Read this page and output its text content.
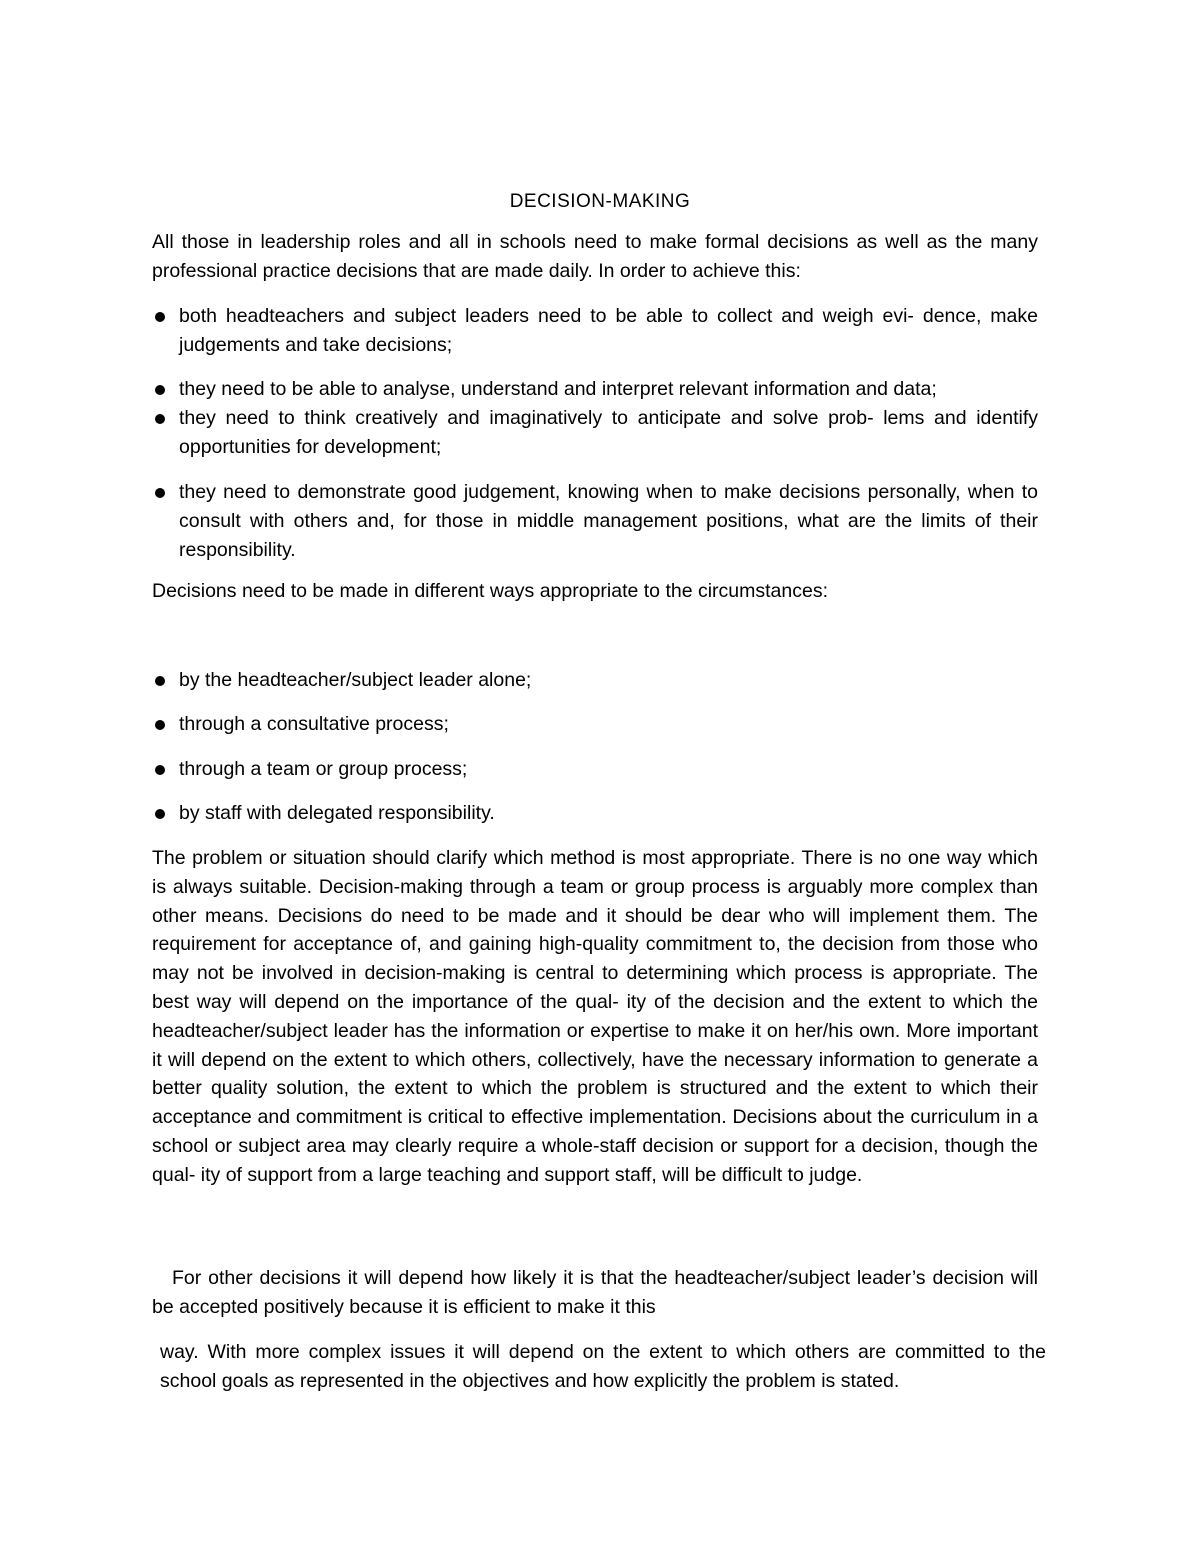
DECISION-MAKING
All those in leadership roles and all in schools need to make formal decisions as well as the many professional practice decisions that are made daily. In order to achieve this:
both headteachers and subject leaders need to be able to collect and weigh evi- dence, make judgements and take decisions;
they need to be able to analyse, understand and interpret relevant information and data;
they need to think creatively and imaginatively to anticipate and solve prob- lems and identify opportunities for development;
they need to demonstrate good judgement, knowing when to make decisions personally, when to consult with others and, for those in middle management positions, what are the limits of their responsibility.
Decisions need to be made in different ways appropriate to the circumstances:
by the headteacher/subject leader alone;
through a consultative process;
through a team or group process;
by staff with delegated responsibility.
The problem or situation should clarify which method is most appropriate. There is no one way which is always suitable. Decision-making through a team or group process is arguably more complex than other means. Decisions do need to be made and it should be dear who will implement them. The requirement for acceptance of, and gaining high-quality commitment to, the decision from those who may not be involved in decision-making is central to determining which process is appropriate. The best way will depend on the importance of the qual- ity of the decision and the extent to which the headteacher/subject leader has the information or expertise to make it on her/his own. More important it will depend on the extent to which others, collectively, have the necessary information to generate a better quality solution, the extent to which the problem is structured and the extent to which their acceptance and commitment is critical to effective implementation. Decisions about the curriculum in a school or subject area may clearly require a whole-staff decision or support for a decision, though the qual- ity of support from a large teaching and support staff, will be difficult to judge.
For other decisions it will depend how likely it is that the headteacher/subject leader’s decision will be accepted positively because it is efficient to make it this
way. With more complex issues it will depend on the extent to which others are committed to the school goals as represented in the objectives and how explicitly the problem is stated.
